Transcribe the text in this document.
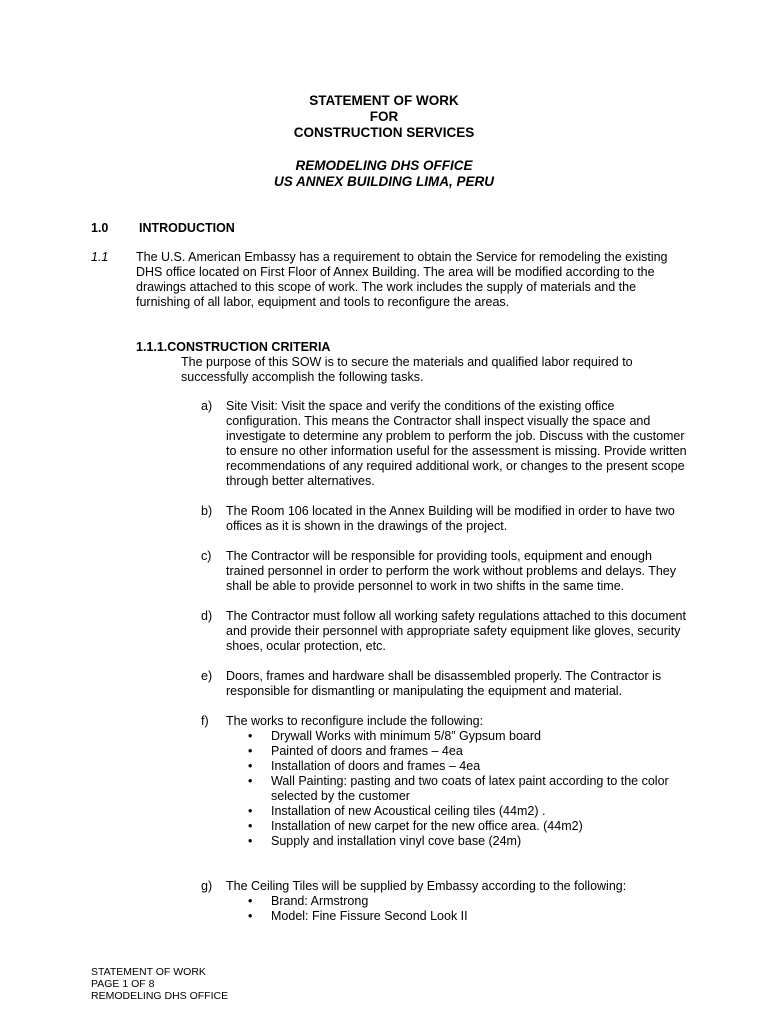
STATEMENT OF WORK
FOR
CONSTRUCTION SERVICES
REMODELING DHS OFFICE
US ANNEX BUILDING LIMA, PERU
1.0 INTRODUCTION
1.1 The U.S. American Embassy has a requirement to obtain the Service for remodeling the existing DHS office located on First Floor of Annex Building. The area will be modified according to the drawings attached to this scope of work. The work includes the supply of materials and the furnishing of all labor, equipment and tools to reconfigure the areas.
1.1.1.CONSTRUCTION CRITERIA
The purpose of this SOW is to secure the materials and qualified labor required to successfully accomplish the following tasks.
a)	Site Visit: Visit the space and verify the conditions of the existing office configuration. This means the Contractor shall inspect visually the space and investigate to determine any problem to perform the job. Discuss with the customer to ensure no other information useful for the assessment is missing. Provide written recommendations of any required additional work, or changes to the present scope through better alternatives.
b)	The Room 106 located in the Annex Building will be modified in order to have two offices as it is shown in the drawings of the project.
c)	The Contractor will be responsible for providing tools, equipment and enough trained personnel in order to perform the work without problems and delays. They shall be able to provide personnel to work in two shifts in the same time.
d)	The Contractor must follow all working safety regulations attached to this document and provide their personnel with appropriate safety equipment like gloves, security shoes, ocular protection, etc.
e)	Doors, frames and hardware shall be disassembled properly. The Contractor is responsible for dismantling or manipulating the equipment and material.
f)	The works to reconfigure include the following:
• Drywall Works with minimum 5/8” Gypsum board
• Painted of doors and frames – 4ea
• Installation of doors and frames – 4ea
• Wall Painting: pasting and two coats of latex paint according to the color selected by the customer
• Installation of new Acoustical ceiling tiles (44m2) .
• Installation of new carpet for the new office area. (44m2)
• Supply and installation vinyl cove base (24m)
g)	The Ceiling Tiles will be supplied by Embassy according to the following:
• Brand: Armstrong
• Model: Fine Fissure Second Look II
STATEMENT OF WORK
PAGE 1 OF 8
REMODELING DHS OFFICE
